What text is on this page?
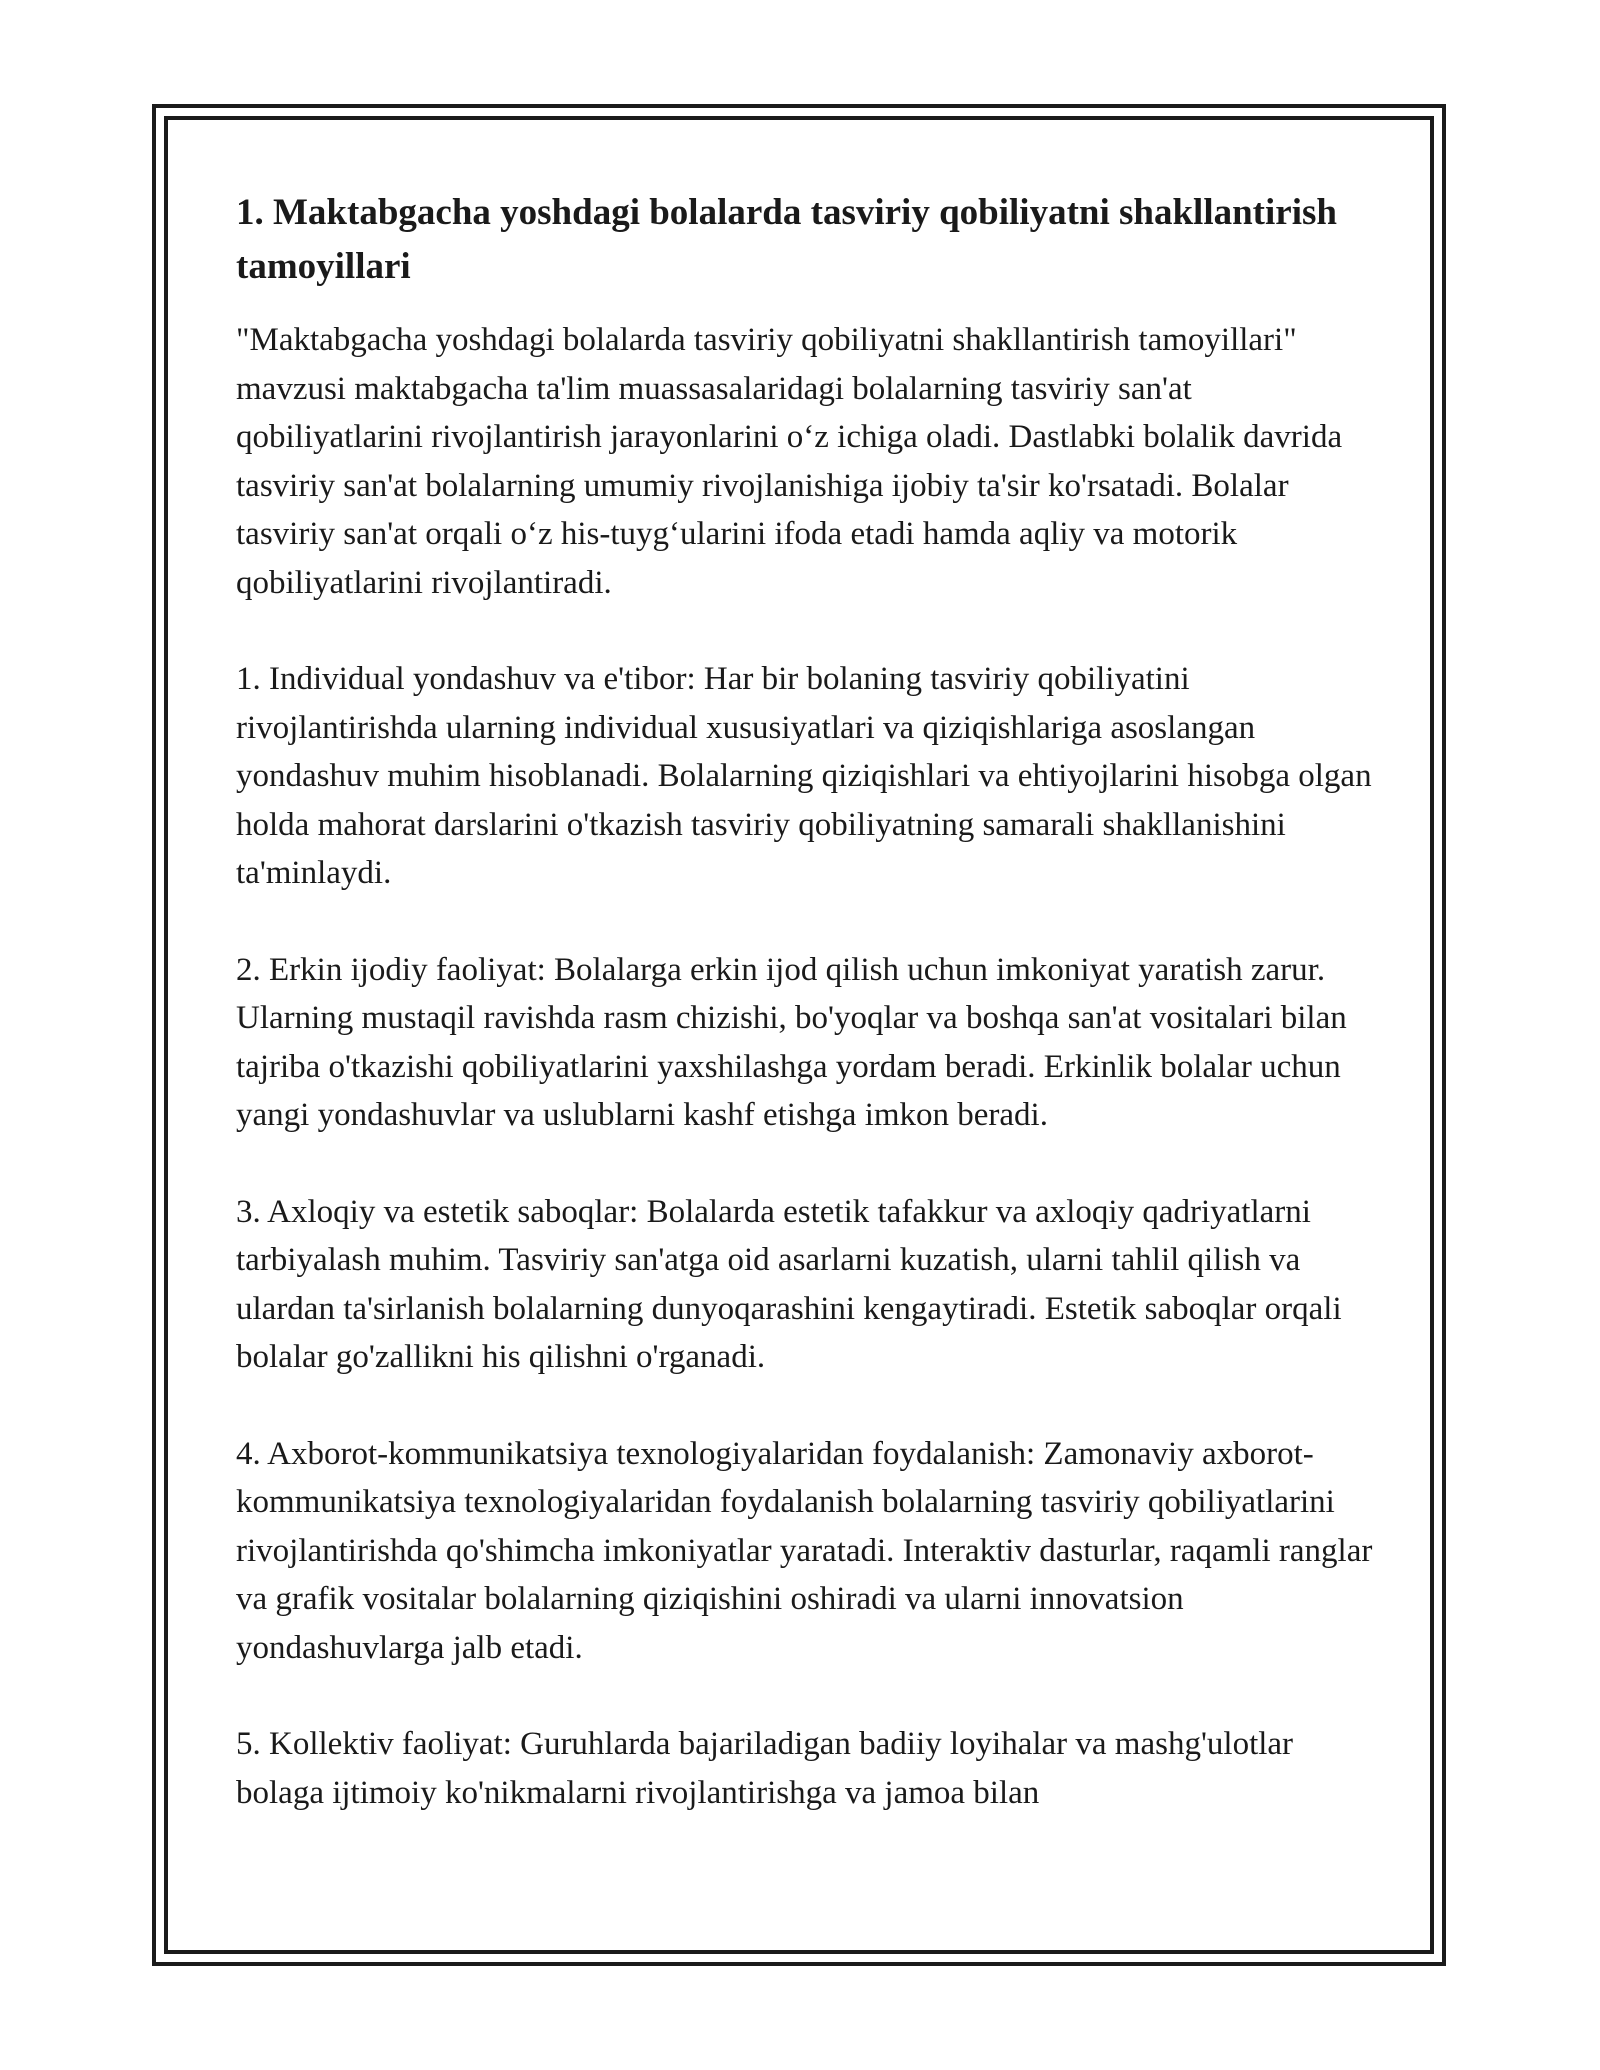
1. Maktabgacha yoshdagi bolalarda tasviriy qobiliyatni shakllantirish tamoyillari

"Maktabgacha yoshdagi bolalarda tasviriy qobiliyatni shakllantirish tamoyillari" mavzusi maktabgacha ta'lim muassasalaridagi bolalarning tasviriy san'at qobiliyatlarini rivojlantirish jarayonlarini o‘z ichiga oladi. Dastlabki bolalik davrida tasviriy san'at bolalarning umumiy rivojlanishiga ijobiy ta'sir ko'rsatadi. Bolalar tasviriy san'at orqali o‘z his-tuyg‘ularini ifoda etadi hamda aqliy va motorik qobiliyatlarini rivojlantiradi.

1. Individual yondashuv va e'tibor: Har bir bolaning tasviriy qobiliyatini rivojlantirishda ularning individual xususiyatlari va qiziqishlariga asoslangan yondashuv muhim hisoblanadi. Bolalarning qiziqishlari va ehtiyojlarini hisobga olgan holda mahorat darslarini o'tkazish tasviriy qobiliyatning samarali shakllanishini ta'minlaydi.

2. Erkin ijodiy faoliyat: Bolalarga erkin ijod qilish uchun imkoniyat yaratish zarur. Ularning mustaqil ravishda rasm chizishi, bo'yoqlar va boshqa san'at vositalari bilan tajriba o'tkazishi qobiliyatlarini yaxshilashga yordam beradi. Erkinlik bolalar uchun yangi yondashuvlar va uslublarni kashf etishga imkon beradi.

3. Axloqiy va estetik saboqlar: Bolalarda estetik tafakkur va axloqiy qadriyatlarni tarbiyalash muhim. Tasviriy san'atga oid asarlarni kuzatish, ularni tahlil qilish va ulardan ta'sirlanish bolalarning dunyoqarashini kengaytiradi. Estetik saboqlar orqali bolalar go'zallikni his qilishni o'rganadi.

4. Axborot-kommunikatsiya texnologiyalaridan foydalanish: Zamonaviy axborot-kommunikatsiya texnologiyalaridan foydalanish bolalarning tasviriy qobiliyatlarini rivojlantirishda qo'shimcha imkoniyatlar yaratadi. Interaktiv dasturlar, raqamli ranglar va grafik vositalar bolalarning qiziqishini oshiradi va ularni innovatsion yondashuvlarga jalb etadi.

5. Kollektiv faoliyat: Guruhlarda bajariladigan badiiy loyihalar va mashg'ulotlar bolaga ijtimoiy ko'nikmalarni rivojlantirishga va jamoa bilan
